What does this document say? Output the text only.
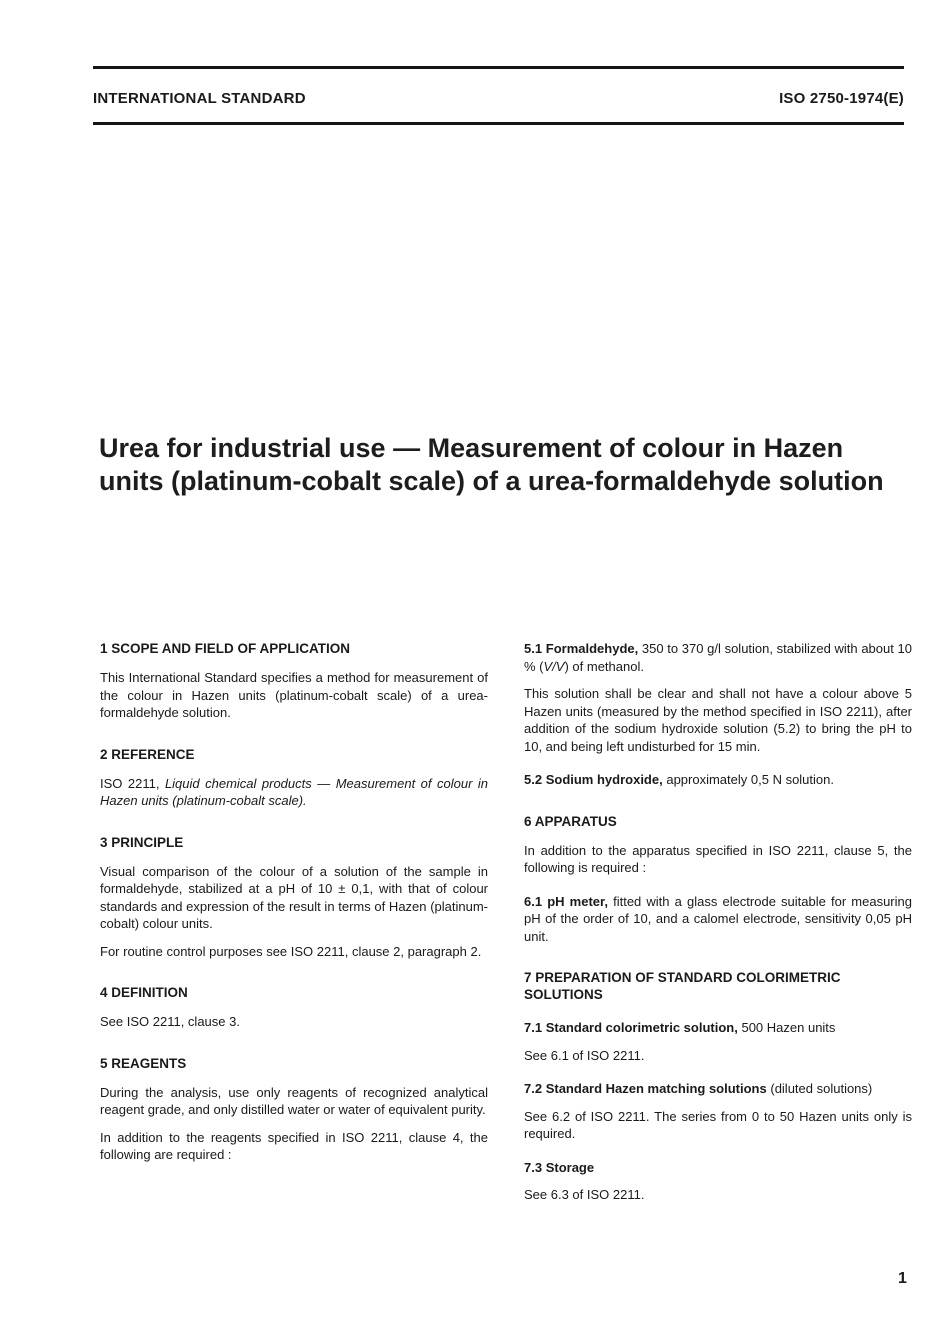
INTERNATIONAL STANDARD	ISO 2750-1974(E)
Urea for industrial use — Measurement of colour in Hazen
units (platinum-cobalt scale) of a urea-formaldehyde solution
1 SCOPE AND FIELD OF APPLICATION

This International Standard specifies a method for measurement of the colour in Hazen units (platinum-cobalt scale) of a urea-formaldehyde solution.

2 REFERENCE

ISO 2211, Liquid chemical products — Measurement of colour in Hazen units (platinum-cobalt scale).

3 PRINCIPLE

Visual comparison of the colour of a solution of the sample in formaldehyde, stabilized at a pH of 10 ± 0,1, with that of colour standards and expression of the result in terms of Hazen (platinum-cobalt) colour units.

For routine control purposes see ISO 2211, clause 2, paragraph 2.

4 DEFINITION

See ISO 2211, clause 3.

5 REAGENTS

During the analysis, use only reagents of recognized analytical reagent grade, and only distilled water or water of equivalent purity.

In addition to the reagents specified in ISO 2211, clause 4, the following are required :

5.1 Formaldehyde, 350 to 370 g/l solution, stabilized with about 10 % (V/V) of methanol.

This solution shall be clear and shall not have a colour above 5 Hazen units (measured by the method specified in ISO 2211), after addition of the sodium hydroxide solution (5.2) to bring the pH to 10, and being left undisturbed for 15 min.

5.2 Sodium hydroxide, approximately 0,5 N solution.

6 APPARATUS

In addition to the apparatus specified in ISO 2211, clause 5, the following is required :

6.1 pH meter, fitted with a glass electrode suitable for measuring pH of the order of 10, and a calomel electrode, sensitivity 0,05 pH unit.

7 PREPARATION OF STANDARD COLORIMETRIC SOLUTIONS

7.1 Standard colorimetric solution, 500 Hazen units

See 6.1 of ISO 2211.

7.2 Standard Hazen matching solutions (diluted solutions)

See 6.2 of ISO 2211. The series from 0 to 50 Hazen units only is required.

7.3 Storage

See 6.3 of ISO 2211.

1
